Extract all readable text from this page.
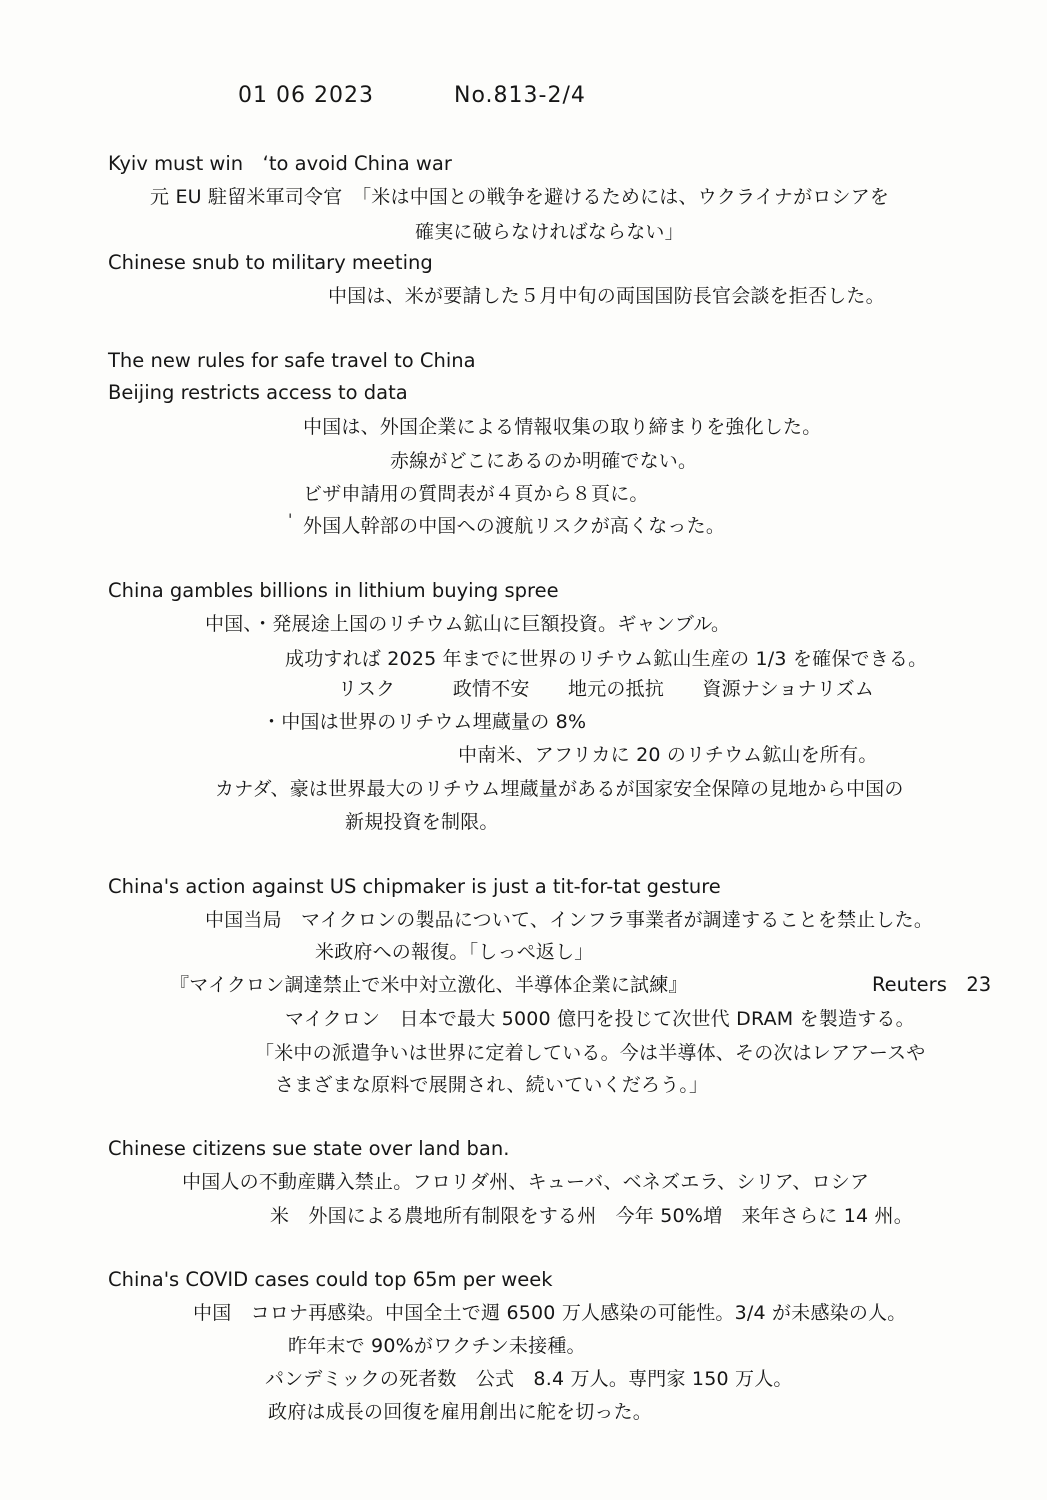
01 06 2023	No.813-2/4
Kyiv must win　‘to avoid China war
元 EU 駐留米軍司令官　「米は中国との戦争を避けるためには、ウクライナがロシアを
確実に破らなければならない」
Chinese snub to military meeting
中国は、米が要請した５月中旬の両国国防長官会談を拒否した。
The new rules for safe travel to China
Beijing restricts access to data
中国は、外国企業による情報収集の取り締まりを強化した。
赤線がどこにあるのか明確でない。
ビザ申請用の質問表が４頁から８頁に。
' 外国人幹部の中国への渡航リスクが高くなった。
China gambles billions in lithium buying spree
中国、・発展途上国のリチウム鉱山に巨額投資。ギャンブル。
成功すれば 2025 年までに世界のリチウム鉱山生産の 1/3 を確保できる。
リスク　　　政情不安　　地元の抵抗　　資源ナショナリズム
・中国は世界のリチウム埋蔵量の 8%
中南米、アフリカに 20 のリチウム鉱山を所有。
カナダ、豪は世界最大のリチウム埋蔵量があるが国家安全保障の見地から中国の
新規投資を制限。
China's action against US chipmaker is just a tit-for-tat gesture
中国当局　マイクロンの製品について、インフラ事業者が調達することを禁止した。
米政府への報復。「しっぺ返し」
『マイクロン調達禁止で米中対立激化、半導体企業に試練』	Reuters　23
マイクロン　日本で最大 5000 億円を投じて次世代 DRAM を製造する。
「米中の派遣争いは世界に定着している。今は半導体、その次はレアアースや
さまざまな原料で展開され、続いていくだろう。」
Chinese citizens sue state over land ban.
中国人の不動産購入禁止。フロリダ州、キューバ、ベネズエラ、シリア、ロシア
米　外国による農地所有制限をする州　今年 50%増　来年さらに 14 州。
China's COVID cases could top 65m per week
中国　コロナ再感染。中国全土で週 6500 万人感染の可能性。3/4 が未感染の人。
昨年末で 90%がワクチン未接種。
パンデミックの死者数　公式　8.4 万人。専門家 150 万人。
政府は成長の回復を雇用創出に舵を切った。
